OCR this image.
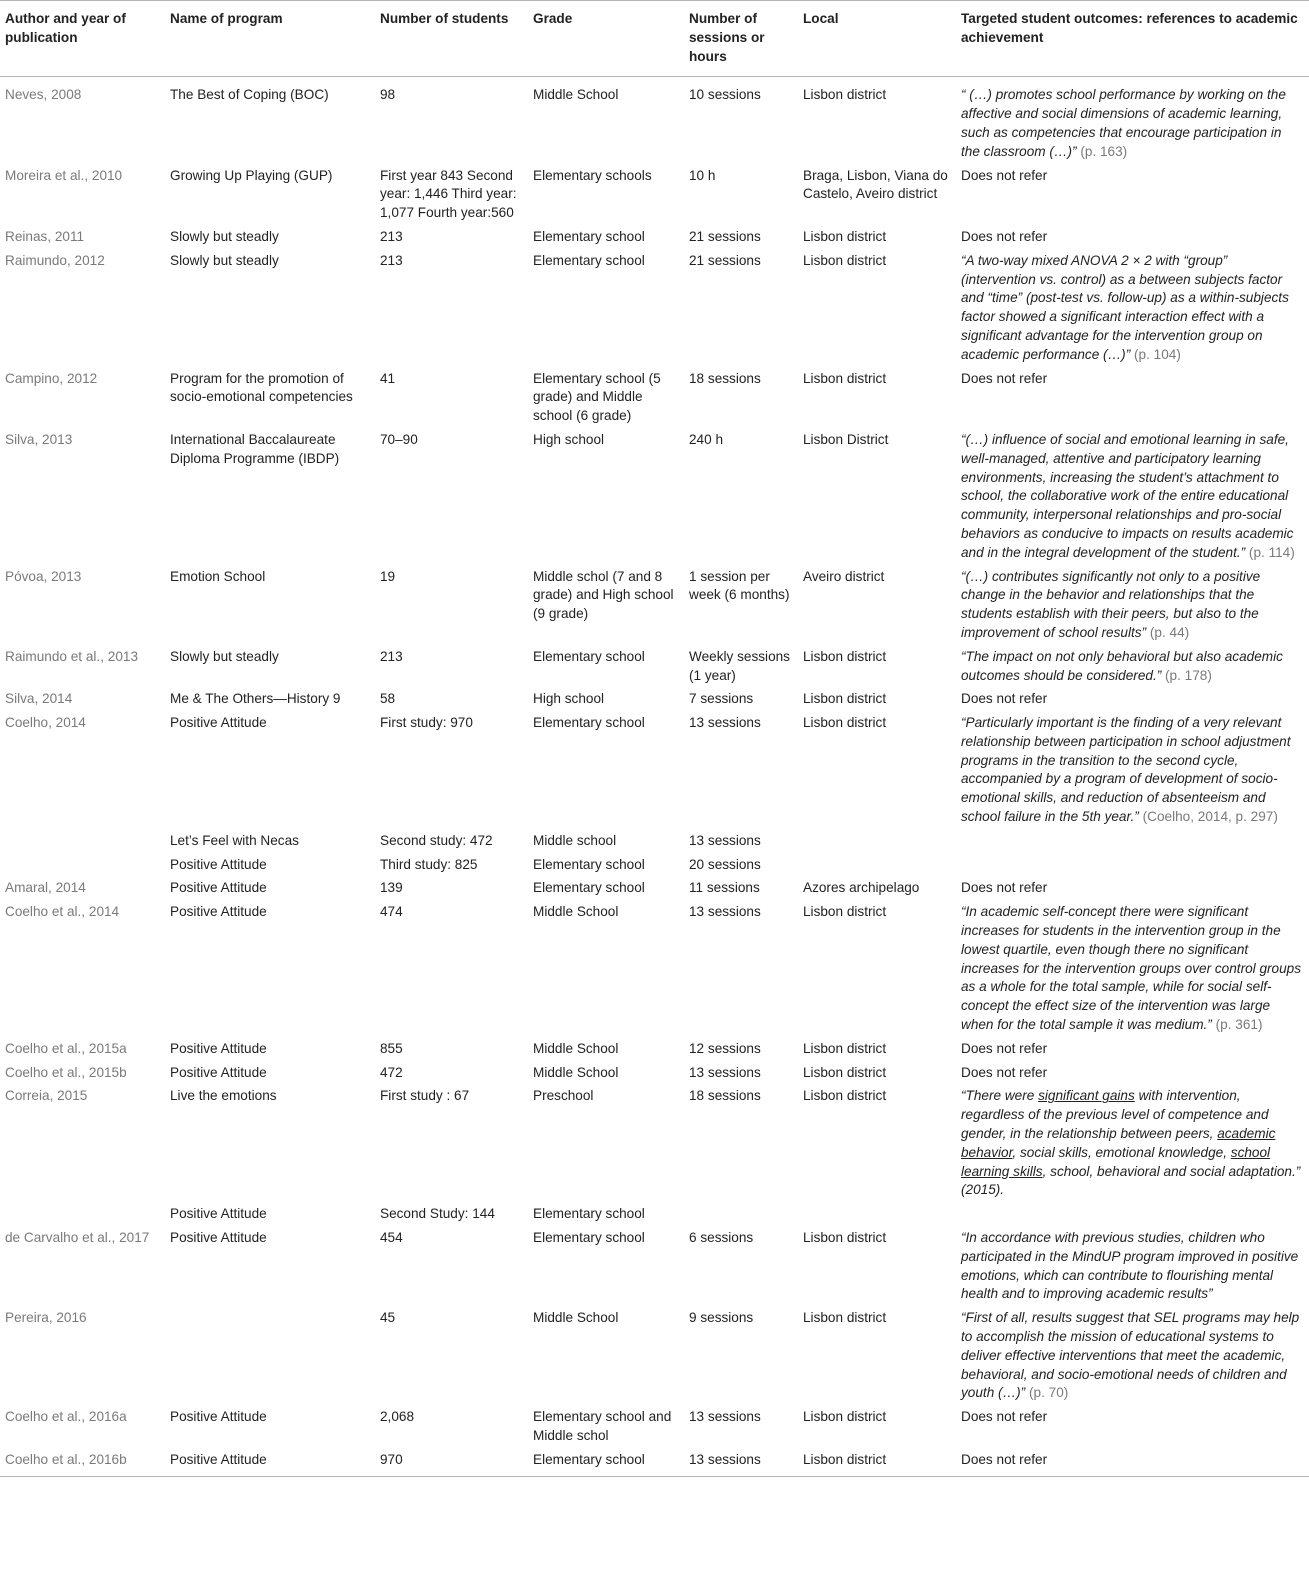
Author and year of publication	Name of program	Number of students	Grade	Number of sessions or hours	Local	Targeted student outcomes: references to academic achievement
Neves, 2008	The Best of Coping (BOC)	98	Middle School	10 sessions	Lisbon district	“ (…) promotes school performance by working on the affective and social dimensions of academic learning, such as competencies that encourage participation in the classroom (…)” (p. 163)
Moreira et al., 2010	Growing Up Playing (GUP)	First year 843 Second year: 1,446 Third year: 1,077 Fourth year:560	Elementary schools	10 h	Braga, Lisbon, Viana do Castelo, Aveiro district	Does not refer
Reinas, 2011	Slowly but steadly	213	Elementary school	21 sessions	Lisbon district	Does not refer
Raimundo, 2012	Slowly but steadly	213	Elementary school	21 sessions	Lisbon district	“A two-way mixed ANOVA 2 × 2 with “group” (intervention vs. control) as a between subjects factor and “time” (post-test vs. follow-up) as a within-subjects factor showed a significant interaction effect with a significant advantage for the intervention group on academic performance (…)” (p. 104)
Campino, 2012	Program for the promotion of socio-emotional competencies	41	Elementary school (5 grade) and Middle school (6 grade)	18 sessions	Lisbon district	Does not refer
Silva, 2013	International Baccalaureate Diploma Programme (IBDP)	70–90	High school	240 h	Lisbon District	“(…) influence of social and emotional learning in safe, well-managed, attentive and participatory learning environments, increasing the student’s attachment to school, the collaborative work of the entire educational community, interpersonal relationships and pro-social behaviors as conducive to impacts on results academic and in the integral development of the student.” (p. 114)
Póvoa, 2013	Emotion School	19	Middle schol (7 and 8 grade) and High school (9 grade)	1 session per week (6 months)	Aveiro district	“(…) contributes significantly not only to a positive change in the behavior and relationships that the students establish with their peers, but also to the improvement of school results” (p. 44)
Raimundo et al., 2013	Slowly but steadly	213	Elementary school	Weekly sessions (1 year)	Lisbon district	“The impact on not only behavioral but also academic outcomes should be considered.” (p. 178)
Silva, 2014	Me & The Others—History 9	58	High school	7 sessions	Lisbon district	Does not refer
Coelho, 2014	Positive Attitude	First study: 970	Elementary school	13 sessions	Lisbon district	“Particularly important is the finding of a very relevant relationship between participation in school adjustment programs in the transition to the second cycle, accompanied by a program of development of socio-emotional skills, and reduction of absenteeism and school failure in the 5th year.” (Coelho, 2014, p. 297)
	Let’s Feel with Necas	Second study: 472	Middle school	13 sessions		
	Positive Attitude	Third study: 825	Elementary school	20 sessions		
Amaral, 2014	Positive Attitude	139	Elementary school	11 sessions	Azores archipelago	Does not refer
Coelho et al., 2014	Positive Attitude	474	Middle School	13 sessions	Lisbon district	“In academic self-concept there were significant increases for students in the intervention group in the lowest quartile, even though there no significant increases for the intervention groups over control groups as a whole for the total sample, while for social self-concept the effect size of the intervention was large when for the total sample it was medium.” (p. 361)
Coelho et al., 2015a	Positive Attitude	855	Middle School	12 sessions	Lisbon district	Does not refer
Coelho et al., 2015b	Positive Attitude	472	Middle School	13 sessions	Lisbon district	Does not refer
Correia, 2015	Live the emotions	First study : 67	Preschool	18 sessions	Lisbon district	“There were significant gains with intervention, regardless of the previous level of competence and gender, in the relationship between peers, academic behavior, social skills, emotional knowledge, school learning skills, school, behavioral and social adaptation.” (2015).
	Positive Attitude	Second Study: 144	Elementary school			
de Carvalho et al., 2017	Positive Attitude	454	Elementary school	6 sessions	Lisbon district	“In accordance with previous studies, children who participated in the MindUP program improved in positive emotions, which can contribute to flourishing mental health and to improving academic results”
Pereira, 2016		45	Middle School	9 sessions	Lisbon district	“First of all, results suggest that SEL programs may help to accomplish the mission of educational systems to deliver effective interventions that meet the academic, behavioral, and socio-emotional needs of children and youth (…)” (p. 70)
Coelho et al., 2016a	Positive Attitude	2,068	Elementary school and Middle schol	13 sessions	Lisbon district	Does not refer
Coelho et al., 2016b	Positive Attitude	970	Elementary school	13 sessions	Lisbon district	Does not refer
